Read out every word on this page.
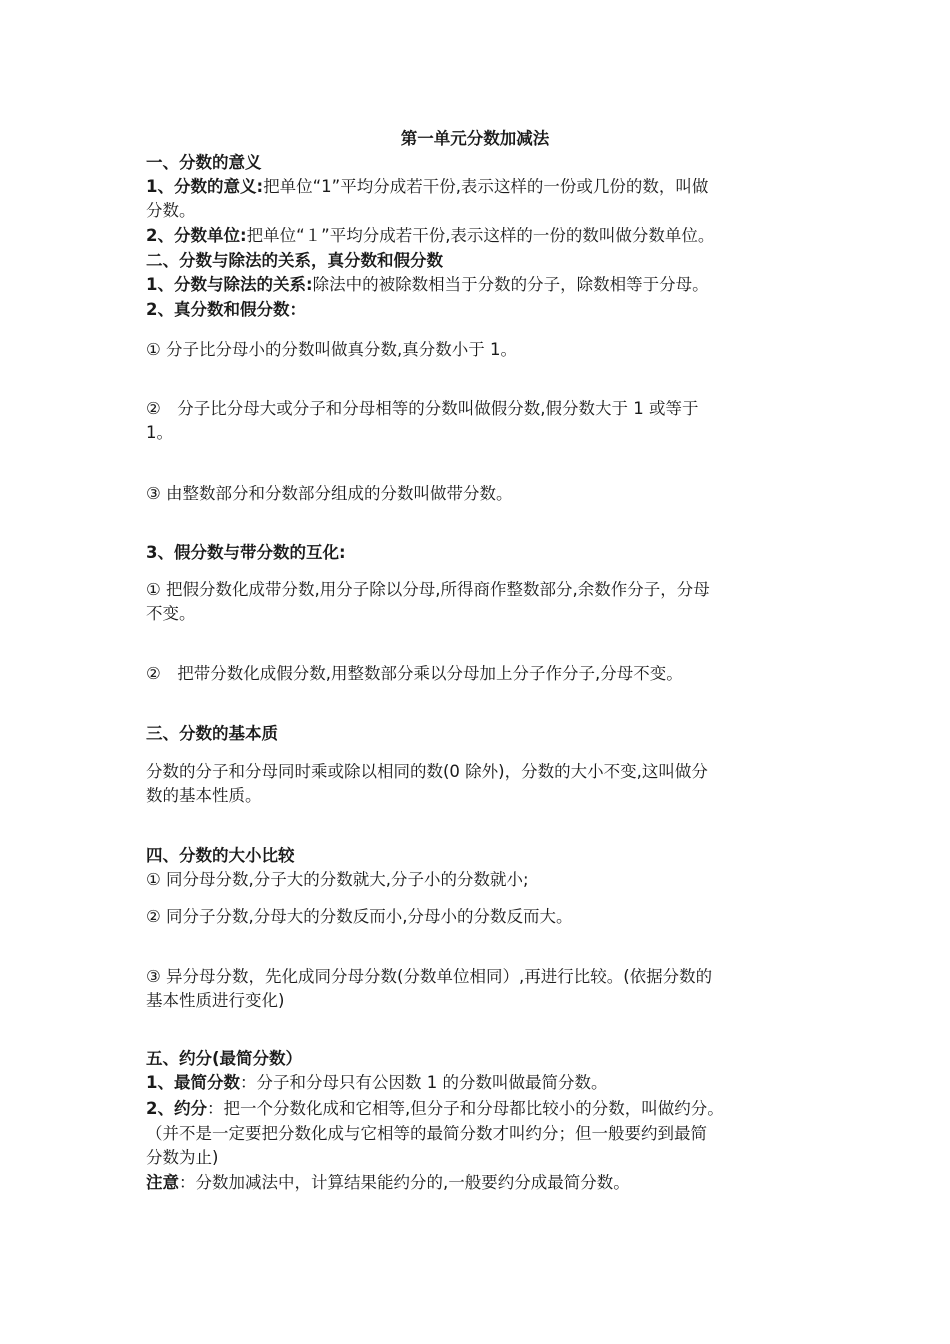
第一单元分数加减法
一、分数的意义
1、分数的意义:把单位“1”平均分成若干份,表示这样的一份或几份的数，叫做
分数。
2、分数单位:把单位“１”平均分成若干份,表示这样的一份的数叫做分数单位。
二、分数与除法的关系，真分数和假分数
1、分数与除法的关系:除法中的被除数相当于分数的分子，除数相等于分母。
2、真分数和假分数：
① 分子比分母小的分数叫做真分数,真分数小于 1。
②　分子比分母大或分子和分母相等的分数叫做假分数,假分数大于 1 或等于
1。
③ 由整数部分和分数部分组成的分数叫做带分数。
3、假分数与带分数的互化:
① 把假分数化成带分数,用分子除以分母,所得商作整数部分,余数作分子，分母
不变。
②　把带分数化成假分数,用整数部分乘以分母加上分子作分子,分母不变。
三、分数的基本质
分数的分子和分母同时乘或除以相同的数(0 除外)，分数的大小不变,这叫做分
数的基本性质。
四、分数的大小比较
① 同分母分数,分子大的分数就大,分子小的分数就小;
② 同分子分数,分母大的分数反而小,分母小的分数反而大。
③ 异分母分数，先化成同分母分数(分数单位相同）,再进行比较。(依据分数的
基本性质进行变化)
五、约分(最简分数）
1、最简分数：分子和分母只有公因数 1 的分数叫做最简分数。
2、约分：把一个分数化成和它相等,但分子和分母都比较小的分数，叫做约分。
（并不是一定要把分数化成与它相等的最简分数才叫约分；但一般要约到最简
分数为止)
注意：分数加减法中，计算结果能约分的,一般要约分成最简分数。
